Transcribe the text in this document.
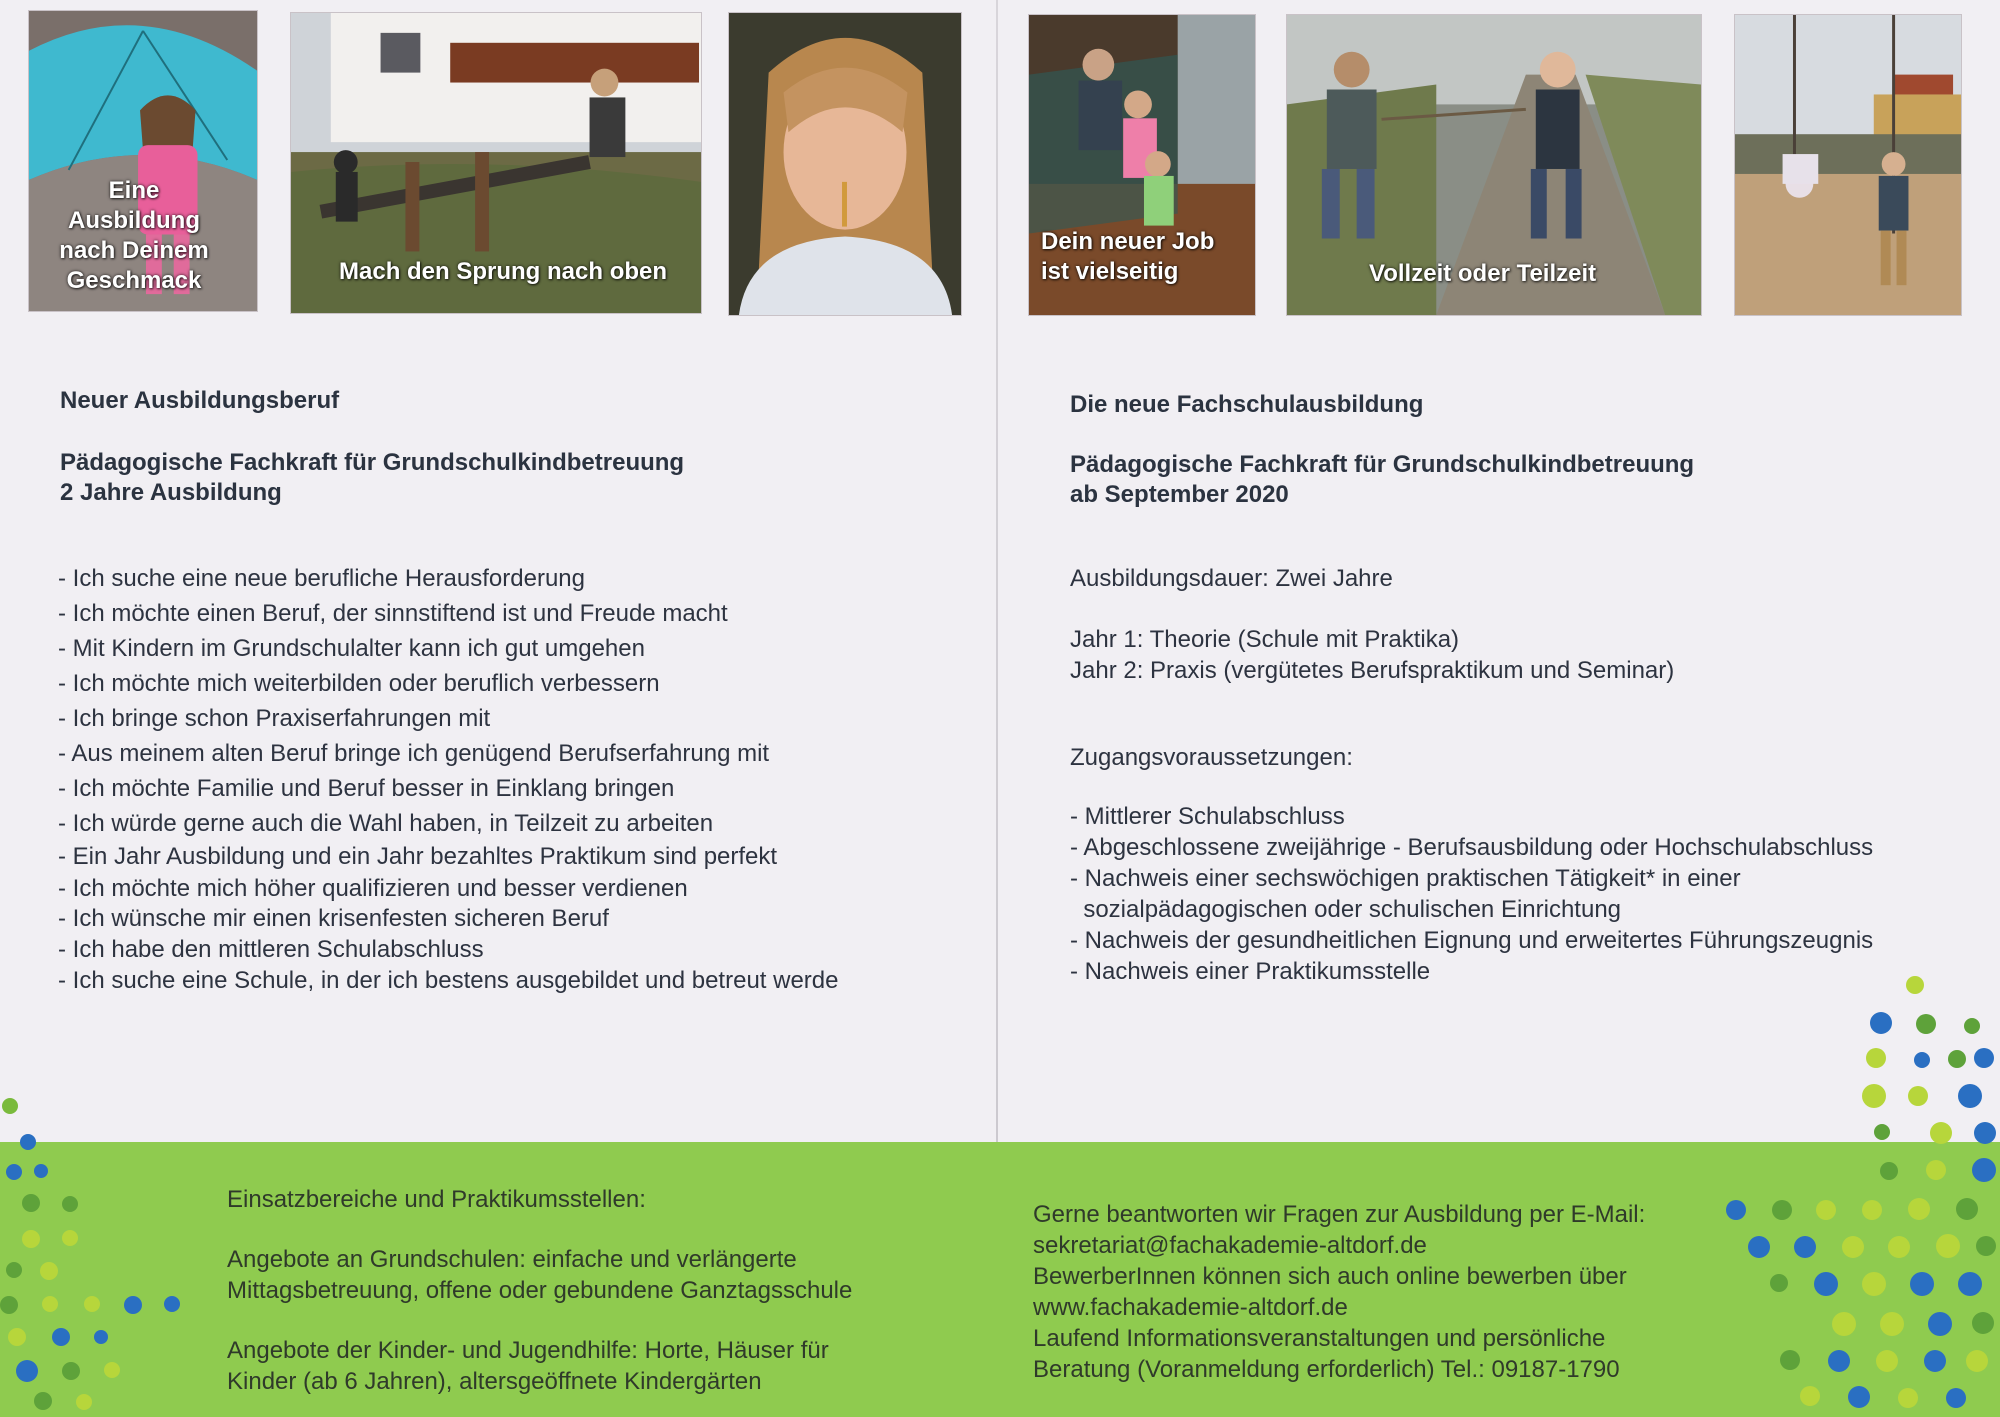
Eine
Ausbildung
nach Deinem
Geschmack	Mach den Sprung nach oben
Dein neuer Job
ist vielseitig	Vollzeit oder Teilzeit
Neuer Ausbildungsberuf
Pädagogische Fachkraft für Grundschulkindbetreuung
2 Jahre Ausbildung
- Ich suche eine neue berufliche Herausforderung
- Ich möchte einen Beruf, der sinnstiftend ist und Freude macht
- Mit Kindern im Grundschulalter kann ich gut umgehen
- Ich möchte mich weiterbilden oder beruflich verbessern
- Ich bringe schon Praxiserfahrungen mit
- Aus meinem alten Beruf bringe ich genügend Berufserfahrung mit
- Ich möchte Familie und Beruf besser in Einklang bringen
- Ich würde gerne auch die Wahl haben, in Teilzeit zu arbeiten
- Ein Jahr Ausbildung und ein Jahr bezahltes Praktikum sind perfekt
- Ich möchte mich höher qualifizieren und besser verdienen
- Ich wünsche mir einen krisenfesten sicheren Beruf
- Ich habe den mittleren Schulabschluss
- Ich suche eine Schule, in der ich bestens ausgebildet und betreut werde
Die neue Fachschulausbildung
Pädagogische Fachkraft für Grundschulkindbetreuung
ab September 2020
Ausbildungsdauer: Zwei Jahre
Jahr 1: Theorie (Schule mit Praktika)
Jahr 2: Praxis (vergütetes Berufspraktikum und Seminar)
Zugangsvoraussetzungen:
- Mittlerer Schulabschluss
- Abgeschlossene zweijährige - Berufsausbildung oder Hochschulabschluss
- Nachweis einer sechswöchigen praktischen Tätigkeit* in einer
sozialpädagogischen oder schulischen Einrichtung
- Nachweis der gesundheitlichen Eignung und erweitertes Führungszeugnis
- Nachweis einer Praktikumsstelle
Einsatzbereiche und Praktikumsstellen:
Angebote an Grundschulen: einfache und verlängerte
Mittagsbetreuung, offene oder gebundene Ganztagsschule
Angebote der Kinder- und Jugendhilfe: Horte, Häuser für
Kinder (ab 6 Jahren), altersgeöffnete Kindergärten
Gerne beantworten wir Fragen zur Ausbildung per E-Mail:
sekretariat@fachakademie-altdorf.de
BewerberInnen können sich auch online bewerben über
www.fachakademie-altdorf.de
Laufend Informationsveranstaltungen und persönliche
Beratung (Voranmeldung erforderlich) Tel.: 09187-1790
